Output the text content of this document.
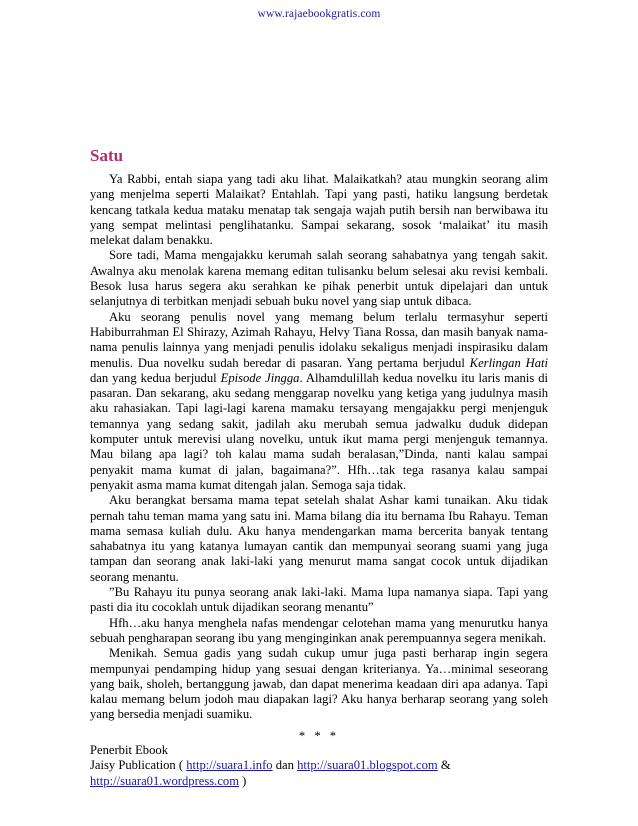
www.rajaebookgratis.com
Satu

Ya Rabbi, entah siapa yang tadi aku lihat. Malaikatkah? atau mungkin seorang alim yang menjelma seperti Malaikat? Entahlah. Tapi yang pasti, hatiku langsung berdetak kencang tatkala kedua mataku menatap tak sengaja wajah putih bersih nan berwibawa itu yang sempat melintasi penglihatanku. Sampai sekarang, sosok ‘malaikat’ itu masih melekat dalam benakku.

Sore tadi, Mama mengajakku kerumah salah seorang sahabatnya yang tengah sakit. Awalnya aku menolak karena memang editan tulisanku belum selesai aku revisi kembali. Besok lusa harus segera aku serahkan ke pihak penerbit untuk dipelajari dan untuk selanjutnya di terbitkan menjadi sebuah buku novel yang siap untuk dibaca.

Aku seorang penulis novel yang memang belum terlalu termasyhur seperti Habiburrahman El Shirazy, Azimah Rahayu, Helvy Tiana Rossa, dan masih banyak nama-nama penulis lainnya yang menjadi penulis idolaku sekaligus menjadi inspirasiku dalam menulis. Dua novelku sudah beredar di pasaran. Yang pertama berjudul Kerlingan Hati dan yang kedua berjudul Episode Jingga. Alhamdulillah kedua novelku itu laris manis di pasaran. Dan sekarang, aku sedang menggarap novelku yang ketiga yang judulnya masih aku rahasiakan. Tapi lagi-lagi karena mamaku tersayang mengajakku pergi menjenguk temannya yang sedang sakit, jadilah aku merubah semua jadwalku duduk didepan komputer untuk merevisi ulang novelku, untuk ikut mama pergi menjenguk temannya. Mau bilang apa lagi? toh kalau mama sudah beralasan,”Dinda, nanti kalau sampai penyakit mama kumat di jalan, bagaimana?”. Hfh…tak tega rasanya kalau sampai penyakit asma mama kumat ditengah jalan. Semoga saja tidak.

Aku berangkat bersama mama tepat setelah shalat Ashar kami tunaikan. Aku tidak pernah tahu teman mama yang satu ini. Mama bilang dia itu bernama Ibu Rahayu. Teman mama semasa kuliah dulu. Aku hanya mendengarkan mama bercerita banyak tentang sahabatnya itu yang katanya lumayan cantik dan mempunyai seorang suami yang juga tampan dan seorang anak laki-laki yang menurut mama sangat cocok untuk dijadikan seorang menantu.

”Bu Rahayu itu punya seorang anak laki-laki. Mama lupa namanya siapa. Tapi yang pasti dia itu cocoklah untuk dijadikan seorang menantu”

Hfh…aku hanya menghela nafas mendengar celotehan mama yang menurutku hanya sebuah pengharapan seorang ibu yang menginginkan anak perempuannya segera menikah.

Menikah. Semua gadis yang sudah cukup umur juga pasti berharap ingin segera mempunyai pendamping hidup yang sesuai dengan kriterianya. Ya…minimal seseorang yang baik, sholeh, bertanggung jawab, dan dapat menerima keadaan diri apa adanya. Tapi kalau memang belum jodoh mau diapakan lagi? Aku hanya berharap seorang yang soleh yang bersedia menjadi suamiku.

* * *
Penerbit Ebook
Jaisy Publication ( http://suara1.info dan http://suara01.blogspot.com &
http://suara01.wordpress.com )
